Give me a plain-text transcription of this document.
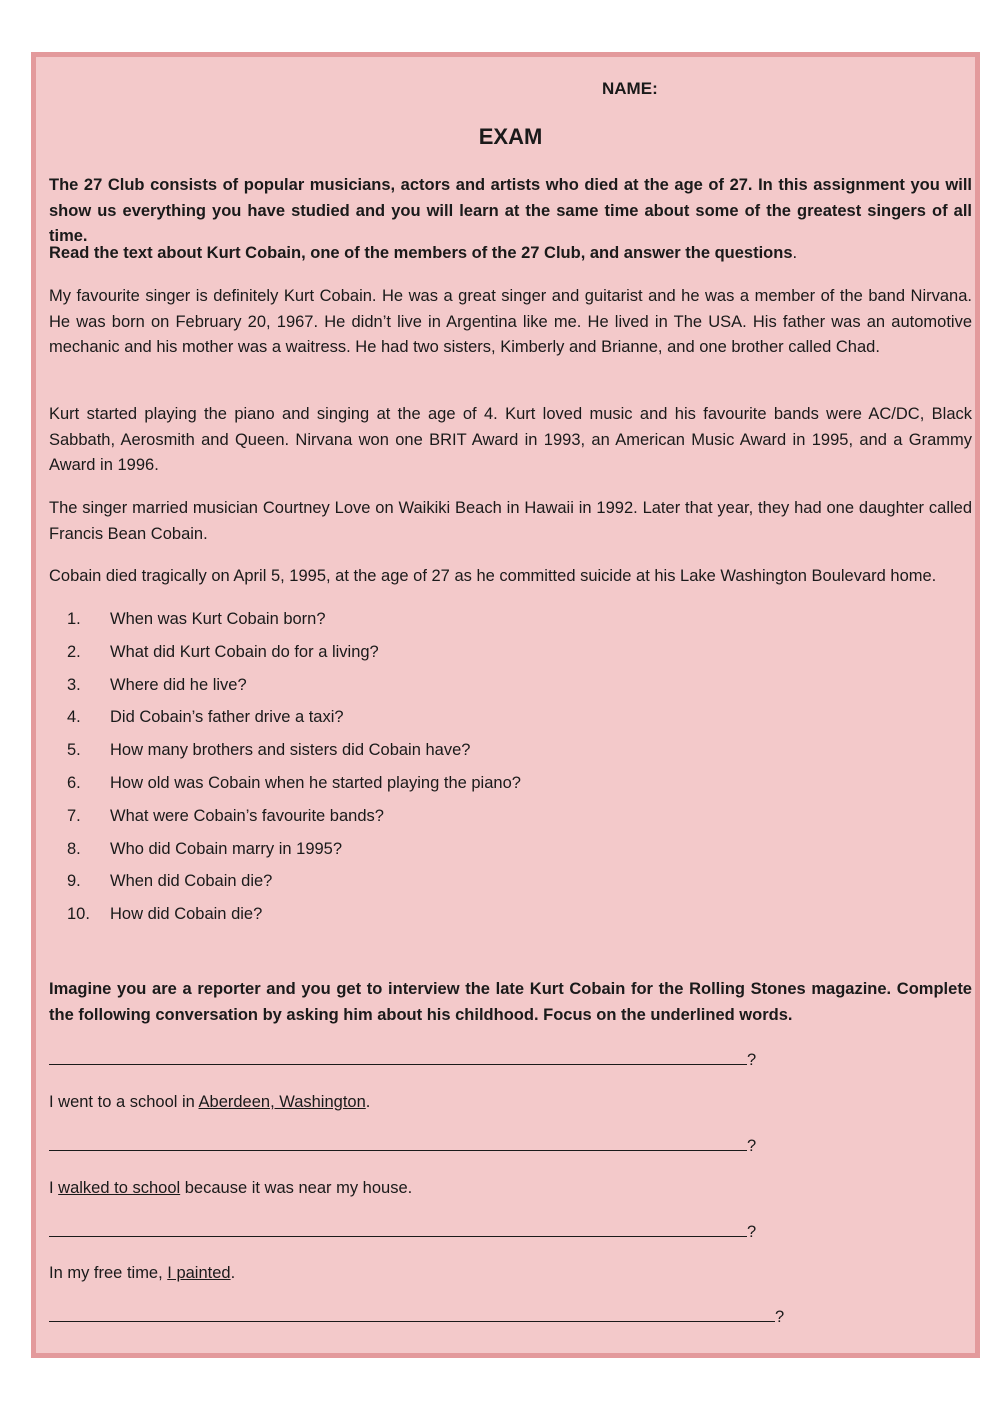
NAME:

EXAM

The 27 Club consists of popular musicians, actors and artists who died at the age of 27. In this assignment you will show us everything you have studied and you will learn at the same time about some of the greatest singers of all time.

Read the text about Kurt Cobain, one of the members of the 27 Club, and answer the questions.

My favourite singer is definitely Kurt Cobain. He was a great singer and guitarist and he was a member of the band Nirvana. He was born on February 20, 1967. He didn’t live in Argentina like me. He lived in The USA. His father was an automotive mechanic and his mother was a waitress. He had two sisters, Kimberly and Brianne, and one brother called Chad.

Kurt started playing the piano and singing at the age of 4. Kurt loved music and his favourite bands were AC/DC, Black Sabbath, Aerosmith and Queen. Nirvana won one BRIT Award in 1993, an American Music Award in 1995, and a Grammy Award in 1996.

The singer married musician Courtney Love on Waikiki Beach in Hawaii in 1992. Later that year, they had one daughter called Francis Bean Cobain.

Cobain died tragically on April 5, 1995, at the age of 27 as he committed suicide at his Lake Washington Boulevard home.

1.	When was Kurt Cobain born?
2.	What did Kurt Cobain do for a living?
3.	Where did he live?
4.	Did Cobain’s father drive a taxi?
5.	How many brothers and sisters did Cobain have?
6.	How old was Cobain when he started playing the piano?
7.	What were Cobain’s favourite bands?
8.	Who did Cobain marry in 1995?
9.	When did Cobain die?
10.	How did Cobain die?

Imagine you are a reporter and you get to interview the late Kurt Cobain for the Rolling Stones magazine. Complete the following conversation by asking him about his childhood. Focus on the underlined words.

?
I went to a school in Aberdeen, Washington.
?
I walked to school because it was near my house.
?
In my free time, I painted.
?
